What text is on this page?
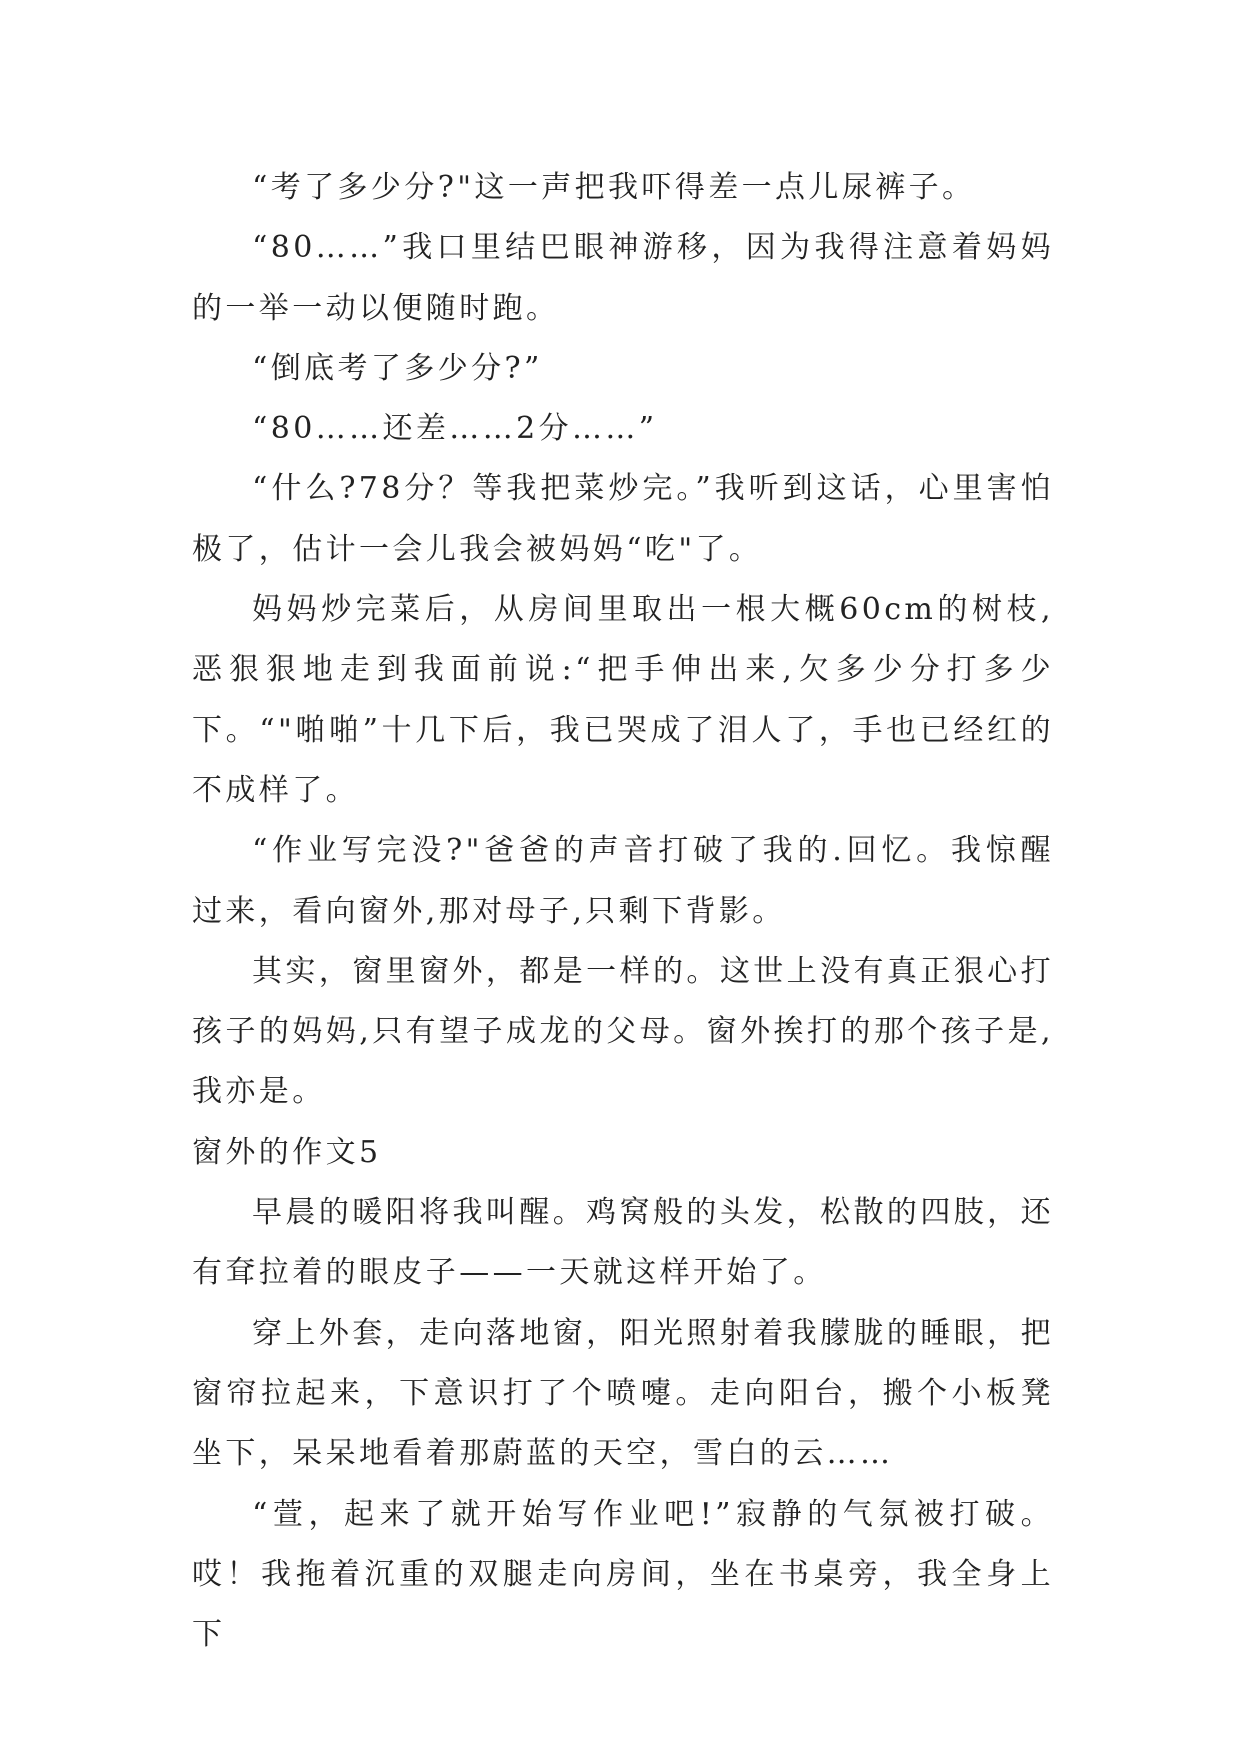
“考了多少分?"这一声把我吓得差一点儿尿裤子。

“80……”我口里结巴眼神游移，因为我得注意着妈妈的一举一动以便随时跑。

“倒底考了多少分?”

“80……还差……2分……”

“什么?78分？等我把菜炒完。”我听到这话，心里害怕极了，估计一会儿我会被妈妈“吃"了。

妈妈炒完菜后，从房间里取出一根大概60cm的树枝,恶狠狠地走到我面前说:“把手伸出来,欠多少分打多少下。“"啪啪”十几下后，我已哭成了泪人了，手也已经红的不成样了。

“作业写完没?"爸爸的声音打破了我的.回忆。我惊醒过来，看向窗外,那对母子,只剩下背影。

其实，窗里窗外，都是一样的。这世上没有真正狠心打孩子的妈妈,只有望子成龙的父母。窗外挨打的那个孩子是,我亦是。

窗外的作文5

早晨的暖阳将我叫醒。鸡窝般的头发，松散的四肢，还有耷拉着的眼皮子——一天就这样开始了。

穿上外套，走向落地窗，阳光照射着我朦胧的睡眼，把窗帘拉起来，下意识打了个喷嚏。走向阳台，搬个小板凳坐下，呆呆地看着那蔚蓝的天空，雪白的云……

“萱，起来了就开始写作业吧!”寂静的气氛被打破。哎！我拖着沉重的双腿走向房间，坐在书桌旁，我全身上下
